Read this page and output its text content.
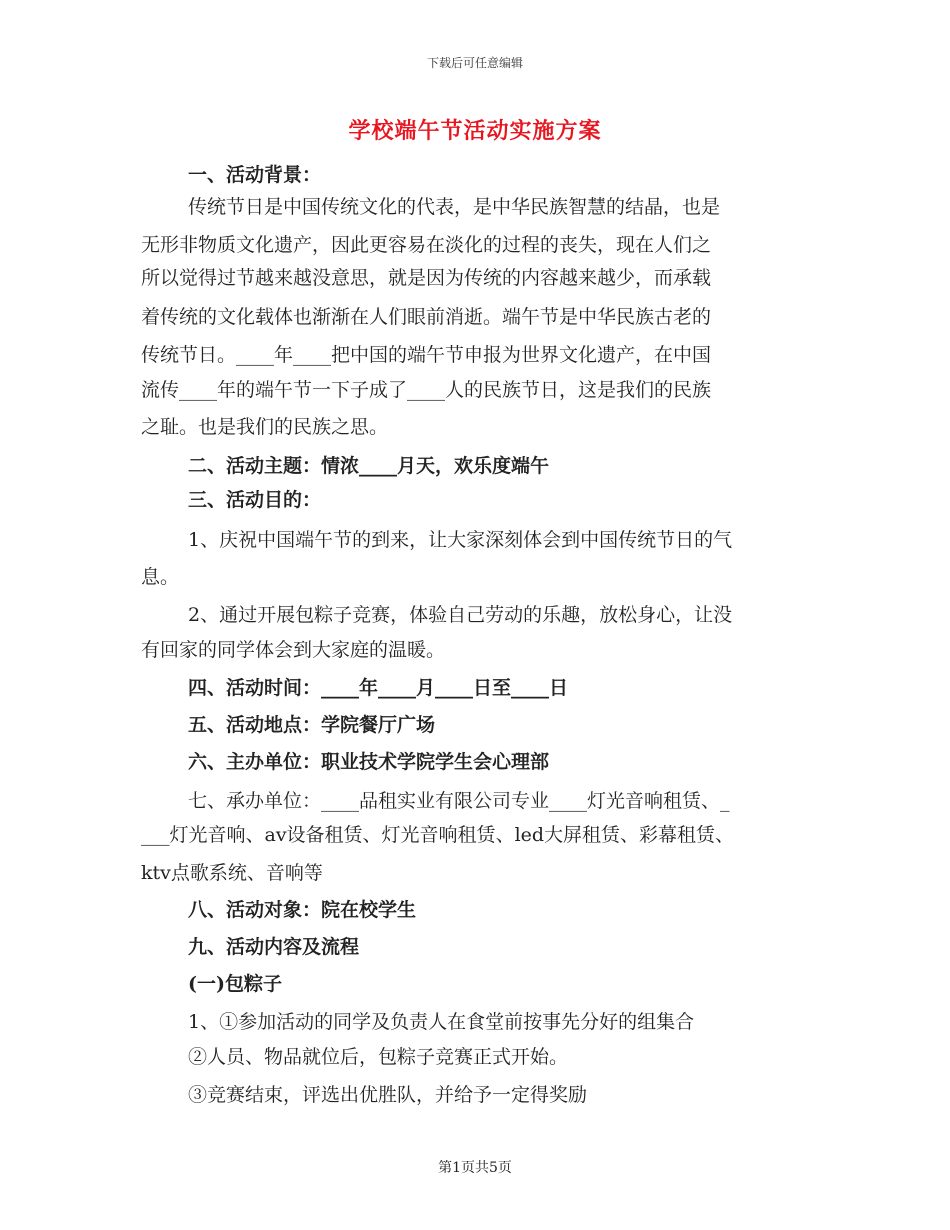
下载后可任意编辑
学校端午节活动实施方案
一、活动背景：
传统节日是中国传统文化的代表，是中华民族智慧的结晶，也是
无形非物质文化遗产，因此更容易在淡化的过程的丧失，现在人们之
所以觉得过节越来越没意思，就是因为传统的内容越来越少，而承载
着传统的文化载体也渐渐在人们眼前消逝。端午节是中华民族古老的
传统节日。____年____把中国的端午节申报为世界文化遗产，在中国
流传____年的端午节一下子成了____人的民族节日，这是我们的民族
之耻。也是我们的民族之思。
二、活动主题：情浓____月天，欢乐度端午
三、活动目的：
1、庆祝中国端午节的到来，让大家深刻体会到中国传统节日的气
息。
2、通过开展包粽子竞赛，体验自己劳动的乐趣，放松身心，让没
有回家的同学体会到大家庭的温暖。
四、活动时间：____年____月____日至____日
五、活动地点：学院餐厅广场
六、主办单位：职业技术学院学生会心理部
七、承办单位：____品租实业有限公司专业____灯光音响租赁、_
___灯光音响、av设备租赁、灯光音响租赁、led大屏租赁、彩幕租赁、
ktv点歌系统、音响等
八、活动对象：院在校学生
九、活动内容及流程
(一)包粽子
1、①参加活动的同学及负责人在食堂前按事先分好的组集合
②人员、物品就位后，包粽子竞赛正式开始。
③竞赛结束，评选出优胜队，并给予一定得奖励
第1页共5页
